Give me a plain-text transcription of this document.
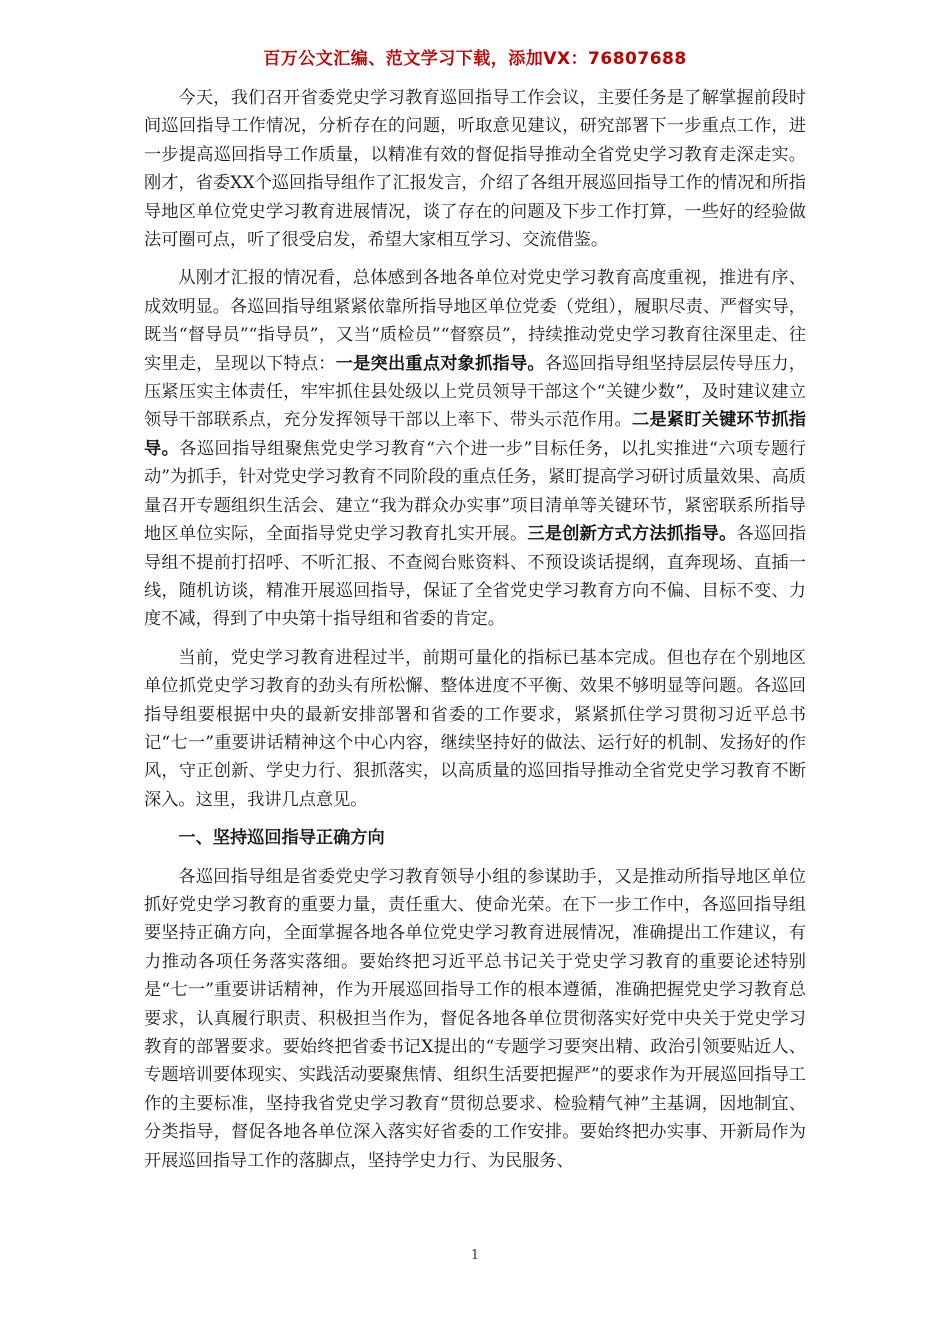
百万公文汇编、范文学习下载，添加VX：76807688

今天，我们召开省委党史学习教育巡回指导工作会议，主要任务是了解掌握前段时间巡回指导工作情况，分析存在的问题，听取意见建议，研究部署下一步重点工作，进一步提高巡回指导工作质量，以精准有效的督促指导推动全省党史学习教育走深走实。刚才，省委XX个巡回指导组作了汇报发言，介绍了各组开展巡回指导工作的情况和所指导地区单位党史学习教育进展情况，谈了存在的问题及下步工作打算，一些好的经验做法可圈可点，听了很受启发，希望大家相互学习、交流借鉴。

从刚才汇报的情况看，总体感到各地各单位对党史学习教育高度重视，推进有序、成效明显。各巡回指导组紧紧依靠所指导地区单位党委（党组），履职尽责、严督实导，既当“督导员”“指导员”，又当“质检员”“督察员”，持续推动党史学习教育往深里走、往实里走，呈现以下特点：一是突出重点对象抓指导。各巡回指导组坚持层层传导压力，压紧压实主体责任，牢牢抓住县处级以上党员领导干部这个“关键少数”，及时建议建立领导干部联系点，充分发挥领导干部以上率下、带头示范作用。二是紧盯关键环节抓指导。各巡回指导组聚焦党史学习教育“六个进一步”目标任务，以扎实推进“六项专题行动”为抓手，针对党史学习教育不同阶段的重点任务，紧盯提高学习研讨质量效果、高质量召开专题组织生活会、建立“我为群众办实事”项目清单等关键环节，紧密联系所指导地区单位实际，全面指导党史学习教育扎实开展。三是创新方式方法抓指导。各巡回指导组不提前打招呼、不听汇报、不查阅台账资料、不预设谈话提纲，直奔现场、直插一线，随机访谈，精准开展巡回指导，保证了全省党史学习教育方向不偏、目标不变、力度不减，得到了中央第十指导组和省委的肯定。

当前，党史学习教育进程过半，前期可量化的指标已基本完成。但也存在个别地区单位抓党史学习教育的劲头有所松懈、整体进度不平衡、效果不够明显等问题。各巡回指导组要根据中央的最新安排部署和省委的工作要求，紧紧抓住学习贯彻习近平总书记“七一”重要讲话精神这个中心内容，继续坚持好的做法、运行好的机制、发扬好的作风，守正创新、学史力行、狠抓落实，以高质量的巡回指导推动全省党史学习教育不断深入。这里，我讲几点意见。

一、坚持巡回指导正确方向

各巡回指导组是省委党史学习教育领导小组的参谋助手，又是推动所指导地区单位抓好党史学习教育的重要力量，责任重大、使命光荣。在下一步工作中，各巡回指导组要坚持正确方向，全面掌握各地各单位党史学习教育进展情况，准确提出工作建议，有力推动各项任务落实落细。要始终把习近平总书记关于党史学习教育的重要论述特别是“七一”重要讲话精神，作为开展巡回指导工作的根本遵循，准确把握党史学习教育总要求，认真履行职责、积极担当作为，督促各地各单位贯彻落实好党中央关于党史学习教育的部署要求。要始终把省委书记X提出的“专题学习要突出精、政治引领要贴近人、专题培训要体现实、实践活动要聚焦情、组织生活要把握严”的要求作为开展巡回指导工作的主要标准，坚持我省党史学习教育“贯彻总要求、检验精气神”主基调，因地制宜、分类指导，督促各地各单位深入落实好省委的工作安排。要始终把办实事、开新局作为开展巡回指导工作的落脚点，坚持学史力行、为民服务、

1
